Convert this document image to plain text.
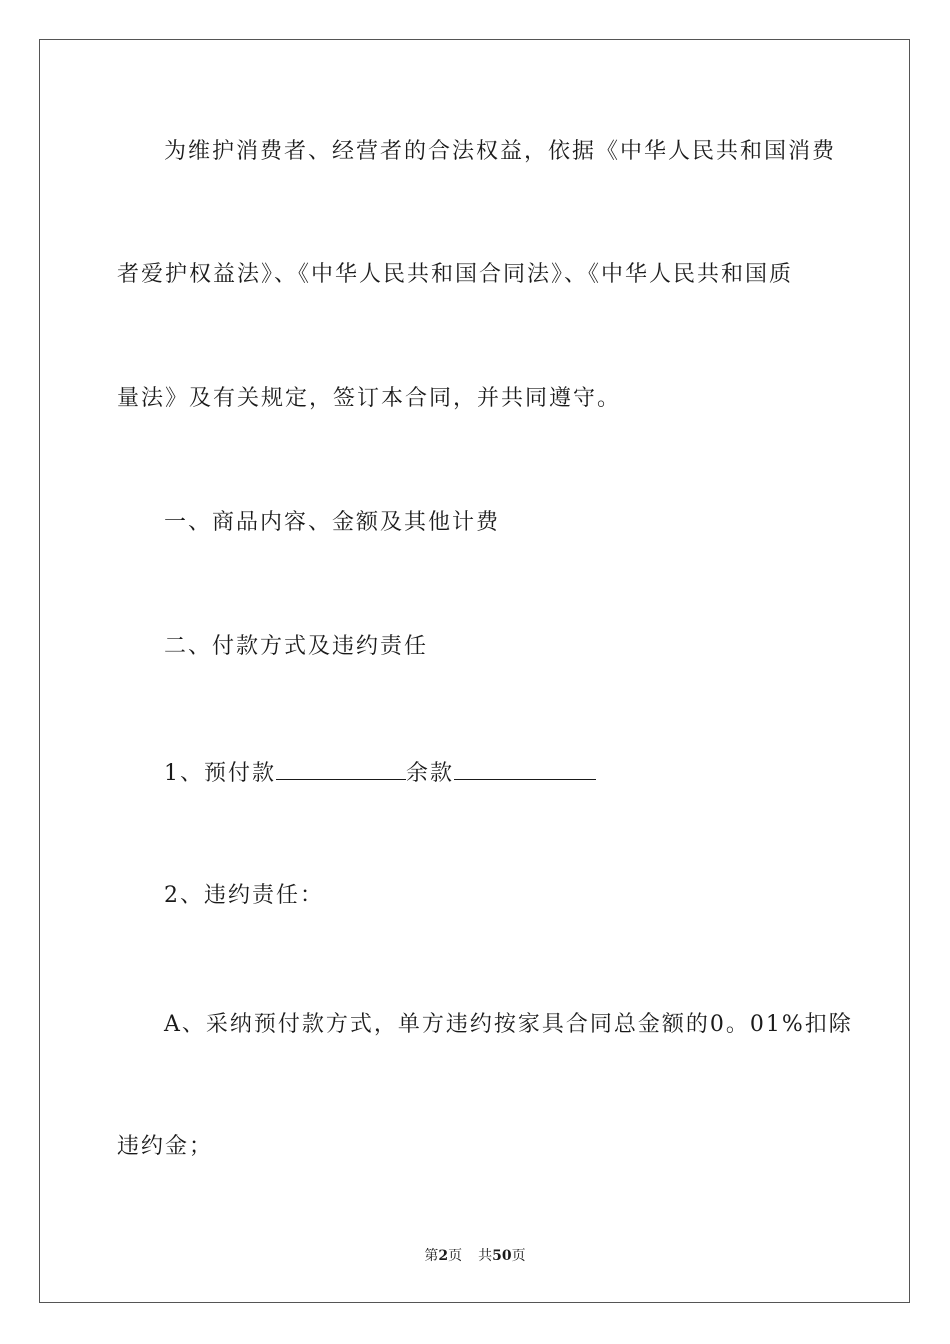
为维护消费者、经营者的合法权益，依据《中华人民共和国消费
者爱护权益法》、《中华人民共和国合同法》、《中华人民共和国质
量法》及有关规定，签订本合同，并共同遵守。
一、商品内容、金额及其他计费
二、付款方式及违约责任
1、预付款	余款
2、违约责任：
A、采纳预付款方式，单方违约按家具合同总金额的0。01%扣除
违约金；
第2页 共50页
